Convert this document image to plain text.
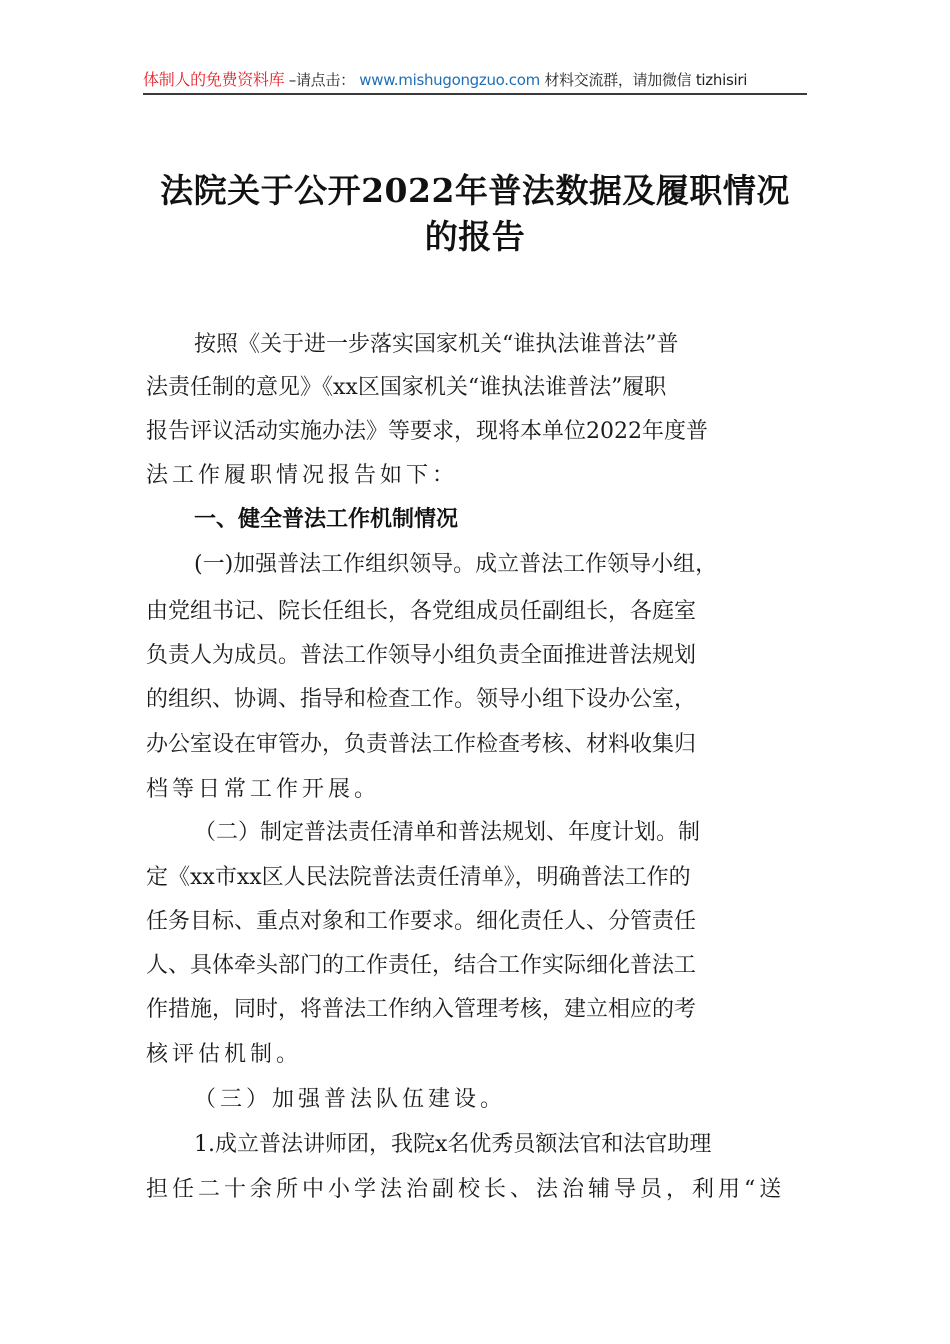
体制人的免费资料库 –请点击： www.mishugongzuo.com 材料交流群，请加微信 tizhisiri
法院关于公开2022年普法数据及履职情况
的报告
按照《关于进一步落实国家机关“谁执法谁普法”普
法责任制的意见》《xx区国家机关“谁执法谁普法”履职
报告评议活动实施办法》等要求，现将本单位2022年度普
法工作履职情况报告如下：
一、健全普法工作机制情况
(一)加强普法工作组织领导。成立普法工作领导小组，
由党组书记、院长任组长，各党组成员任副组长，各庭室
负责人为成员。普法工作领导小组负责全面推进普法规划
的组织、协调、指导和检查工作。领导小组下设办公室，
办公室设在审管办，负责普法工作检查考核、材料收集归
档等日常工作开展。
（二）制定普法责任清单和普法规划、年度计划。制
定《xx市xx区人民法院普法责任清单》，明确普法工作的
任务目标、重点对象和工作要求。细化责任人、分管责任
人、具体牵头部门的工作责任，结合工作实际细化普法工
作措施，同时，将普法工作纳入管理考核，建立相应的考
核评估机制。
（三）加强普法队伍建设。
1.成立普法讲师团，我院x名优秀员额法官和法官助理
担任二十余所中小学法治副校长、法治辅导员，利用“送
